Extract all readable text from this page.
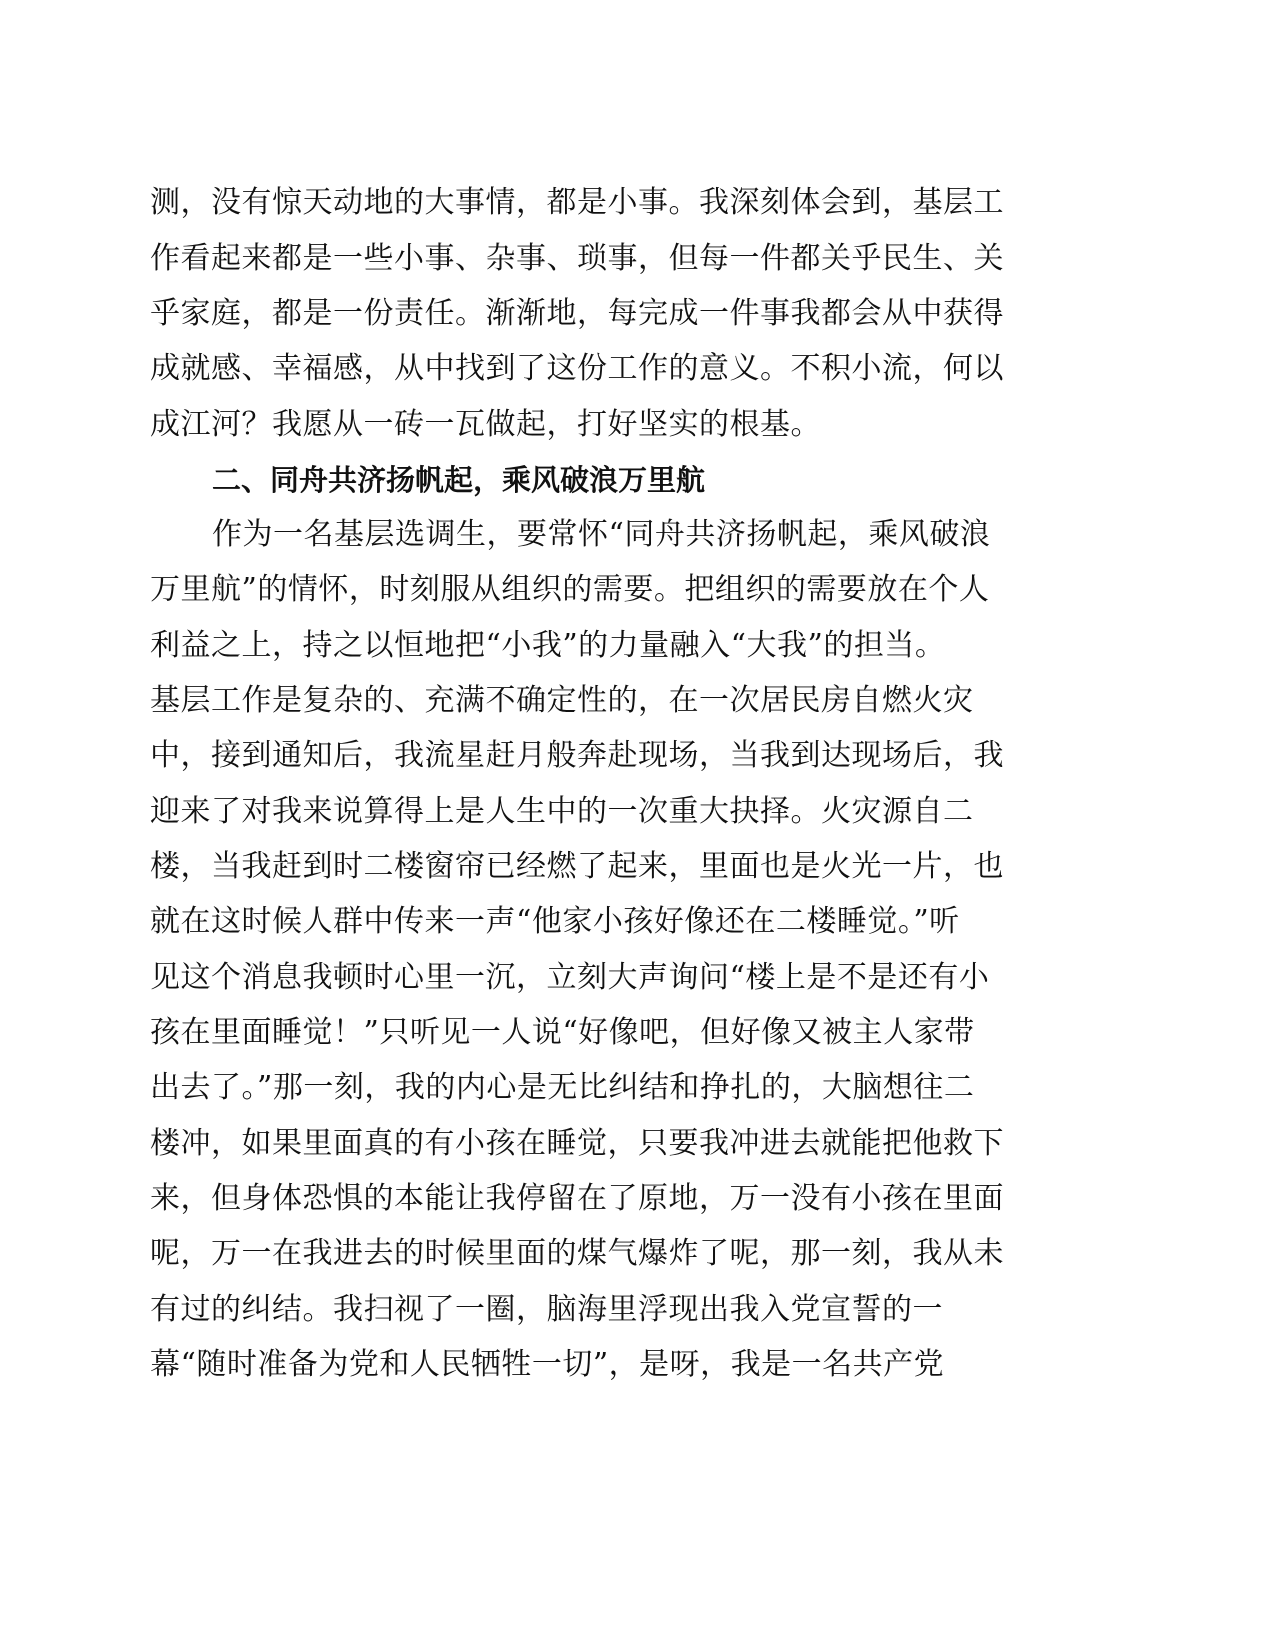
测，没有惊天动地的大事情，都是小事。我深刻体会到，基层工
作看起来都是一些小事、杂事、琐事，但每一件都关乎民生、关
乎家庭，都是一份责任。渐渐地，每完成一件事我都会从中获得
成就感、幸福感，从中找到了这份工作的意义。不积小流，何以
成江河？我愿从一砖一瓦做起，打好坚实的根基。
二、同舟共济扬帆起，乘风破浪万里航
作为一名基层选调生，要常怀“同舟共济扬帆起，乘风破浪
万里航”的情怀，时刻服从组织的需要。把组织的需要放在个人
利益之上，持之以恒地把“小我”的力量融入“大我”的担当。
基层工作是复杂的、充满不确定性的，在一次居民房自燃火灾
中，接到通知后，我流星赶月般奔赴现场，当我到达现场后，我
迎来了对我来说算得上是人生中的一次重大抉择。火灾源自二
楼，当我赶到时二楼窗帘已经燃了起来，里面也是火光一片，也
就在这时候人群中传来一声“他家小孩好像还在二楼睡觉。”听
见这个消息我顿时心里一沉，立刻大声询问“楼上是不是还有小
孩在里面睡觉！”只听见一人说“好像吧，但好像又被主人家带
出去了。”那一刻，我的内心是无比纠结和挣扎的，大脑想往二
楼冲，如果里面真的有小孩在睡觉，只要我冲进去就能把他救下
来，但身体恐惧的本能让我停留在了原地，万一没有小孩在里面
呢，万一在我进去的时候里面的煤气爆炸了呢，那一刻，我从未
有过的纠结。我扫视了一圈，脑海里浮现出我入党宣誓的一
幕“随时准备为党和人民牺牲一切”，是呀，我是一名共产党
